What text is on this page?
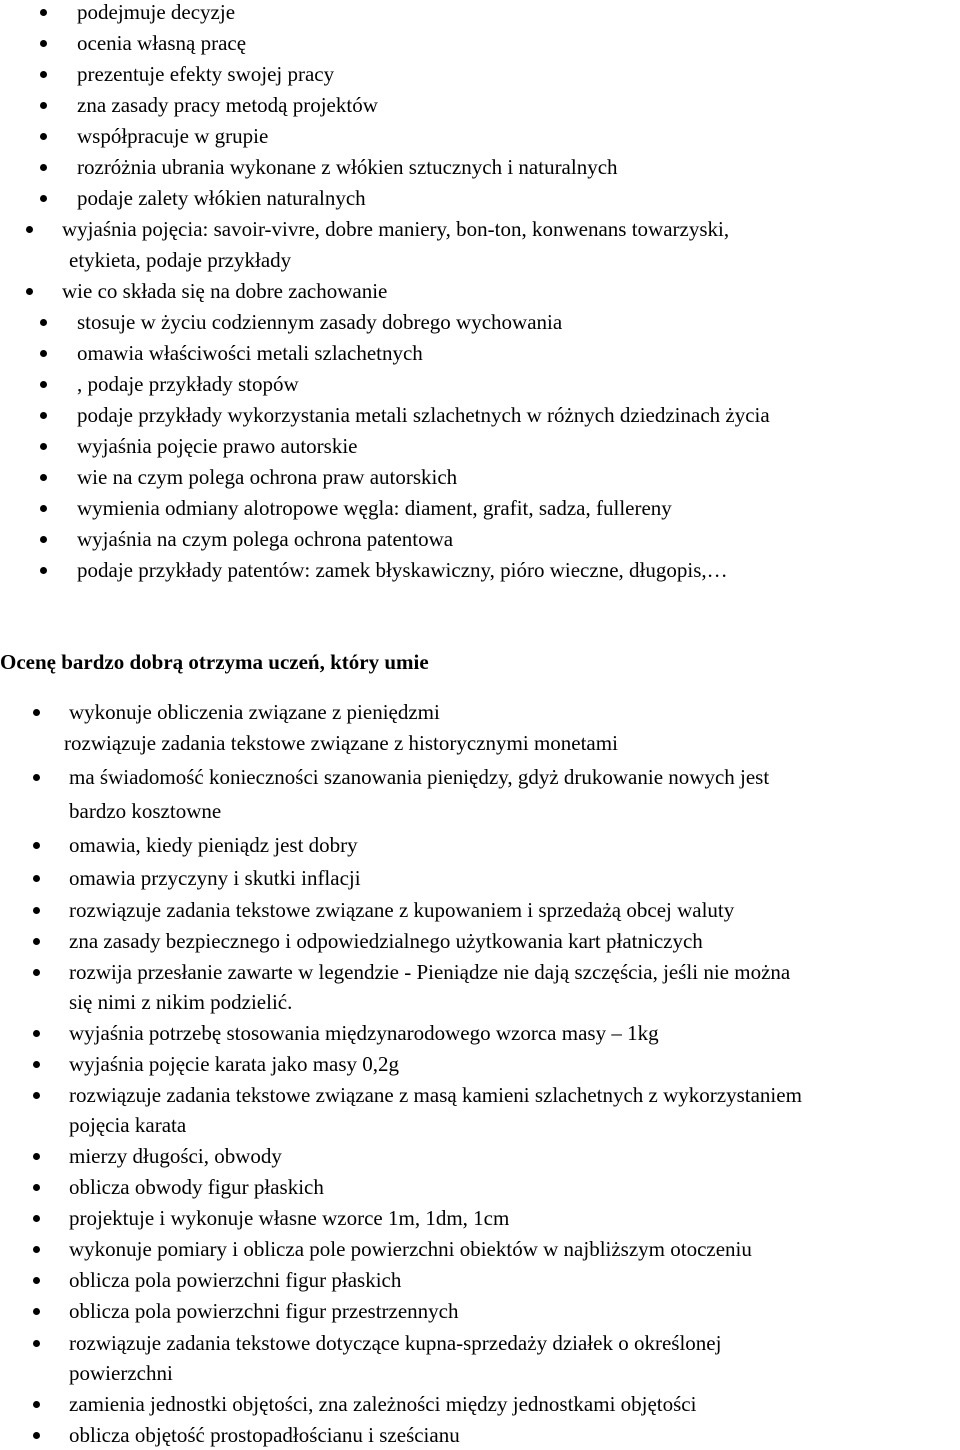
podejmuje decyzje
ocenia własną pracę
prezentuje efekty swojej pracy
zna zasady pracy metodą projektów
współpracuje w grupie
rozróżnia ubrania wykonane z włókien sztucznych i naturalnych
podaje zalety włókien naturalnych
wyjaśnia pojęcia: savoir-vivre, dobre maniery, bon-ton, konwenans towarzyski,
etykieta, podaje przykłady
wie co składa się na dobre zachowanie
stosuje w życiu codziennym zasady dobrego wychowania
omawia właściwości metali szlachetnych
, podaje przykłady stopów
podaje przykłady wykorzystania metali szlachetnych w różnych dziedzinach życia
wyjaśnia pojęcie prawo autorskie
wie na czym polega ochrona praw autorskich
wymienia odmiany alotropowe węgla: diament, grafit, sadza, fullereny
wyjaśnia na czym polega ochrona patentowa
podaje przykłady patentów: zamek błyskawiczny, pióro wieczne, długopis,…
Ocenę bardzo dobrą otrzyma uczeń, który umie
wykonuje obliczenia związane z pieniędzmi
rozwiązuje zadania tekstowe związane z historycznymi monetami
ma świadomość konieczności szanowania pieniędzy, gdyż drukowanie nowych jest
bardzo kosztowne
omawia, kiedy pieniądz jest dobry
omawia przyczyny i skutki inflacji
rozwiązuje zadania tekstowe związane z kupowaniem i sprzedażą obcej waluty
zna zasady bezpiecznego i odpowiedzialnego użytkowania kart płatniczych
rozwija przesłanie zawarte w legendzie - Pieniądze nie dają szczęścia, jeśli nie można
się nimi z nikim podzielić.
wyjaśnia potrzebę stosowania międzynarodowego wzorca masy – 1kg
wyjaśnia pojęcie karata jako masy 0,2g
rozwiązuje zadania tekstowe związane z masą kamieni szlachetnych z wykorzystaniem
pojęcia karata
mierzy długości, obwody
oblicza obwody figur płaskich
projektuje i wykonuje własne wzorce 1m, 1dm, 1cm
wykonuje pomiary i oblicza pole powierzchni obiektów w najbliższym otoczeniu
oblicza pola powierzchni figur płaskich
oblicza pola powierzchni figur przestrzennych
rozwiązuje zadania tekstowe dotyczące kupna-sprzedaży działek o określonej
powierzchni
zamienia jednostki objętości, zna zależności między jednostkami objętości
oblicza objętość prostopadłościanu i sześcianu
